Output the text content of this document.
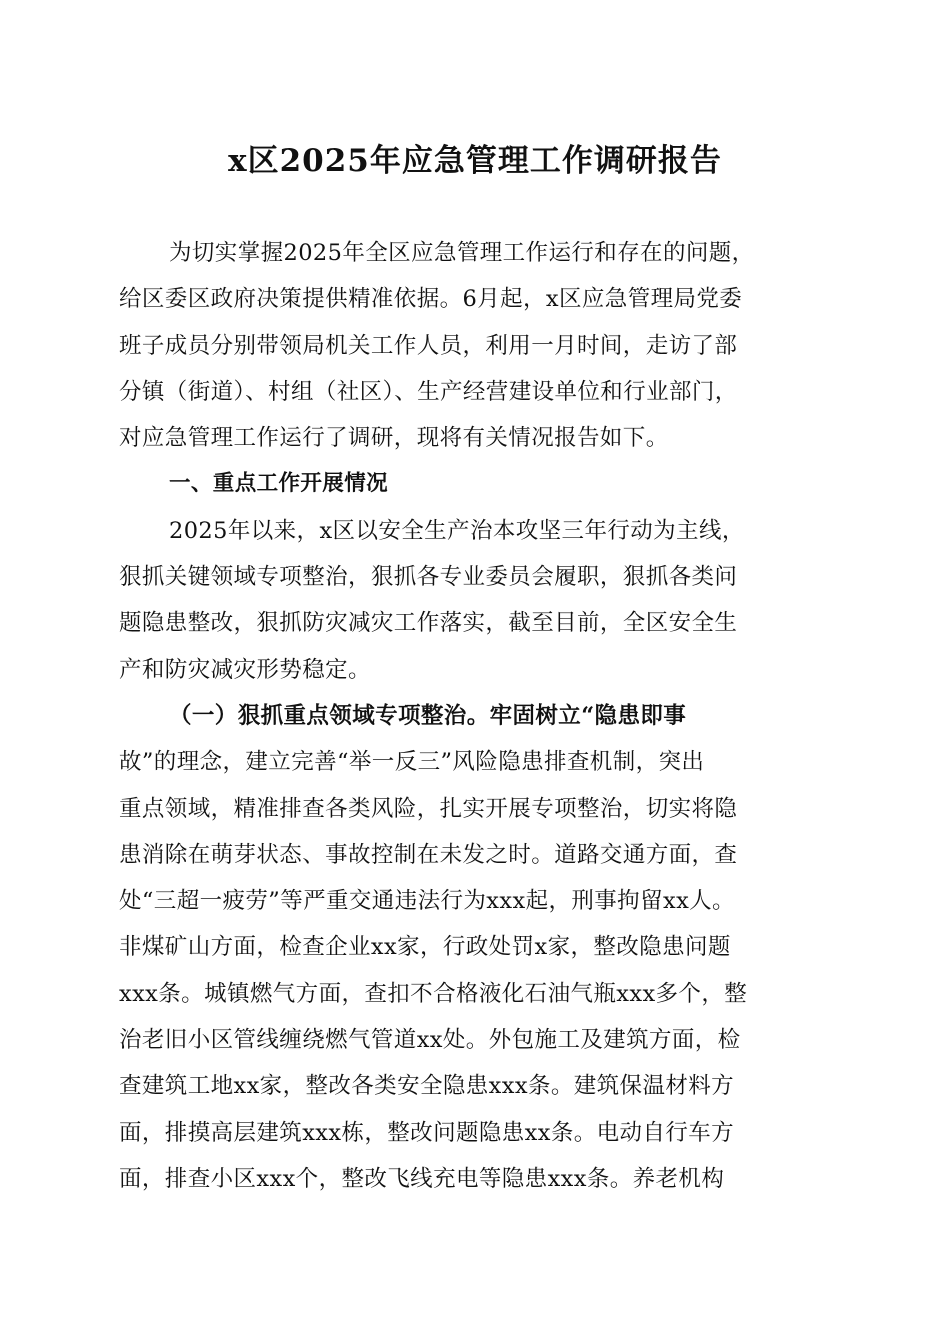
x区2025年应急管理工作调研报告
为切实掌握2025年全区应急管理工作运行和存在的问题，
给区委区政府决策提供精准依据。6月起，x区应急管理局党委
班子成员分别带领局机关工作人员，利用一月时间，走访了部
分镇（街道）、村组（社区）、生产经营建设单位和行业部门，
对应急管理工作运行了调研，现将有关情况报告如下。
一、重点工作开展情况
2025年以来，x区以安全生产治本攻坚三年行动为主线，
狠抓关键领域专项整治，狠抓各专业委员会履职，狠抓各类问
题隐患整改，狠抓防灾减灾工作落实，截至目前，全区安全生
产和防灾减灾形势稳定。
（一）狠抓重点领域专项整治。牢固树立“隐患即事
故”的理念，建立完善“举一反三”风险隐患排查机制，突出
重点领域，精准排查各类风险，扎实开展专项整治，切实将隐
患消除在萌芽状态、事故控制在未发之时。道路交通方面，查
处“三超一疲劳”等严重交通违法行为xxx起，刑事拘留xx人。
非煤矿山方面，检查企业xx家，行政处罚x家，整改隐患问题
xxx条。城镇燃气方面，查扣不合格液化石油气瓶xxx多个，整
治老旧小区管线缠绕燃气管道xx处。外包施工及建筑方面，检
查建筑工地xx家，整改各类安全隐患xxx条。建筑保温材料方
面，排摸高层建筑xxx栋，整改问题隐患xx条。电动自行车方
面，排查小区xxx个，整改飞线充电等隐患xxx条。养老机构
